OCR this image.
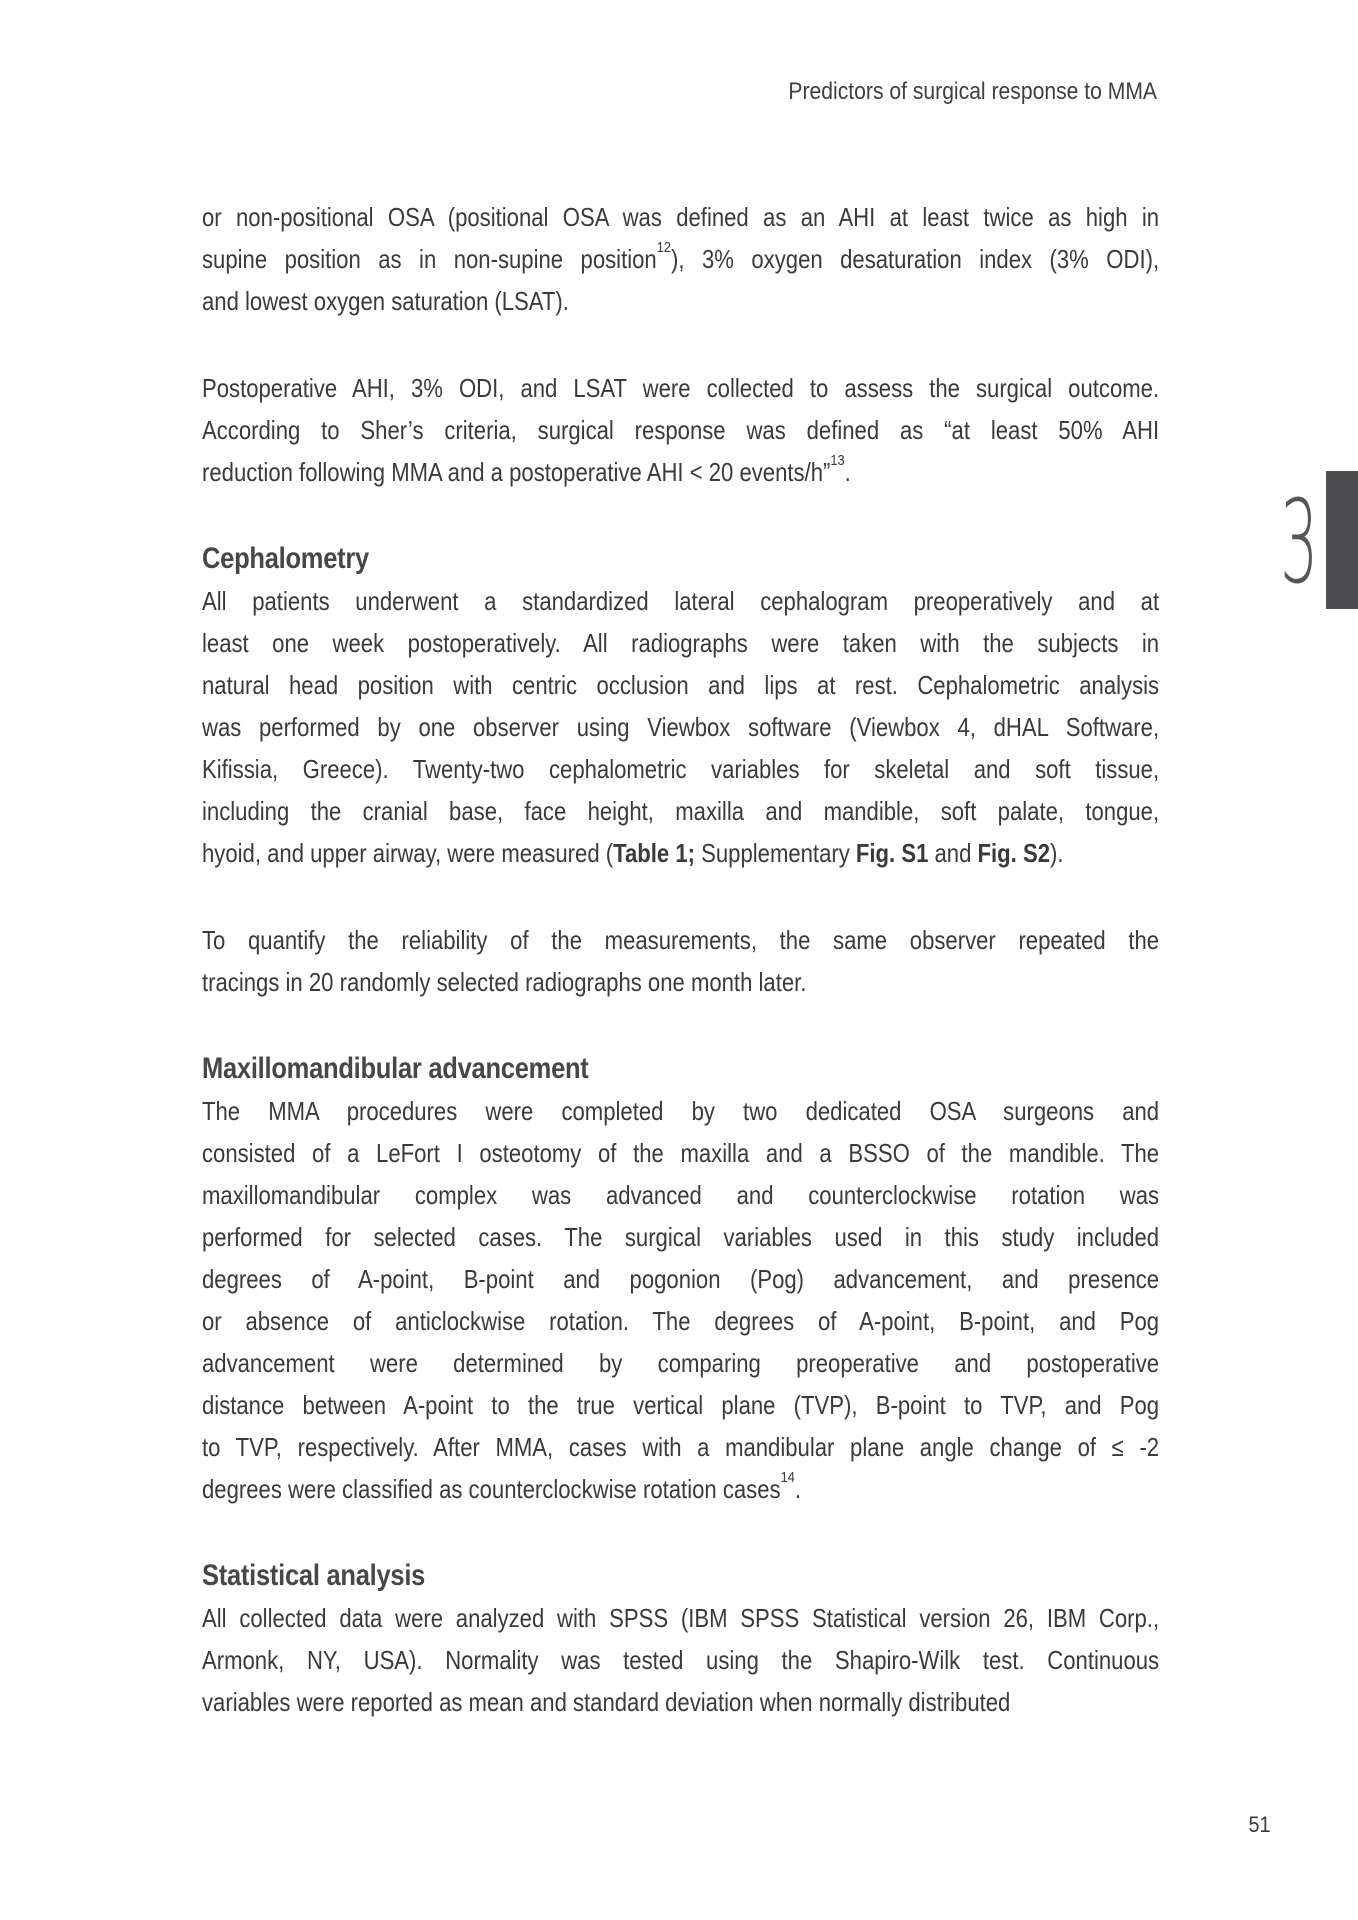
Predictors of surgical response to MMA
or non-positional OSA (positional OSA was defined as an AHI at least twice as high in
supine position as in non-supine position$^{12}$), 3% oxygen desaturation index (3% ODI),
and lowest oxygen saturation (LSAT).
Postoperative AHI, 3% ODI, and LSAT were collected to assess the surgical outcome.
According to Sher’s criteria, surgical response was defined as “at least 50% AHI
reduction following MMA and a postoperative AHI < 20 events/h”$^{13}$.
Cephalometry
All patients underwent a standardized lateral cephalogram preoperatively and at
least one week postoperatively. All radiographs were taken with the subjects in
natural head position with centric occlusion and lips at rest. Cephalometric analysis
was performed by one observer using Viewbox software (Viewbox 4, dHAL Software,
Kifissia, Greece). Twenty-two cephalometric variables for skeletal and soft tissue,
including the cranial base, face height, maxilla and mandible, soft palate, tongue,
hyoid, and upper airway, were measured (Table 1; Supplementary Fig. S1 and Fig. S2).
To quantify the reliability of the measurements, the same observer repeated the
tracings in 20 randomly selected radiographs one month later.
Maxillomandibular advancement
The MMA procedures were completed by two dedicated OSA surgeons and
consisted of a LeFort I osteotomy of the maxilla and a BSSO of the mandible. The
maxillomandibular complex was advanced and counterclockwise rotation was
performed for selected cases. The surgical variables used in this study included
degrees of A-point, B-point and pogonion (Pog) advancement, and presence
or absence of anticlockwise rotation. The degrees of A-point, B-point, and Pog
advancement were determined by comparing preoperative and postoperative
distance between A-point to the true vertical plane (TVP), B-point to TVP, and Pog
to TVP, respectively. After MMA, cases with a mandibular plane angle change of ≤ -2
degrees were classified as counterclockwise rotation cases$^{14}$.
Statistical analysis
All collected data were analyzed with SPSS (IBM SPSS Statistical version 26, IBM Corp.,
Armonk, NY, USA). Normality was tested using the Shapiro-Wilk test. Continuous
variables were reported as mean and standard deviation when normally distributed
3
51
